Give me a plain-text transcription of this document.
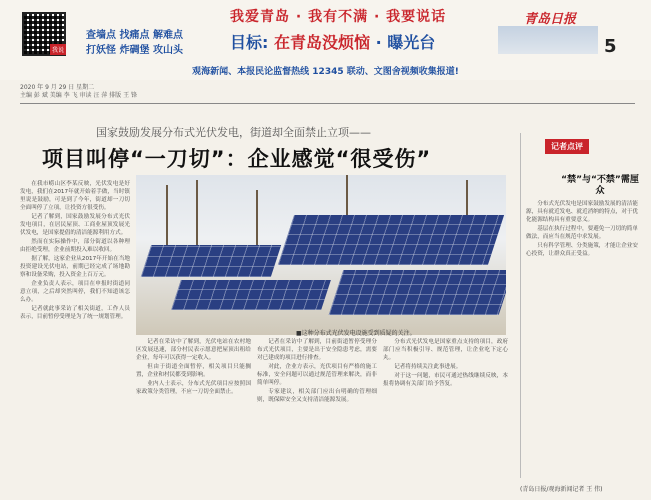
我说
我爱青岛 · 我有不满 · 我要说话
查墙点 找痛点 解难点
打妖怪 炸碉堡 攻山头	目标: 在青岛没烦恼 · 曝光台
青岛日报
5
观海新闻、本报民论监督热线 12345 联动、文图舍视频收集报道!
2020 年 9 月 29 日 星期二
主编 彭 斌 美编 李 飞 审读 汪 萍 排版 王 锋
国家鼓励发展分布式光伏发电，街道却全面禁止立项——
项目叫停“一刀切”：企业感觉“很受伤”

在我市崂山区李某反映，光伏发电是好发电，我们在2017年就开始着手做，当时镇里说是鼓励，可是到了今年，街道却一刀切全面叫停了立项，让投资方很受伤。

记者了解到，国家鼓励发展分布式光伏发电项目，在居民屋顶、工商业屋顶发展光伏发电，是国家提倡的清洁能源利用方式。

然而在实际操作中，部分街道以各种理由拒绝受理，企业前期投入难以收回。

据了解，这家企业从2017年开始在当地投资建设光伏电站，前期已经完成了场地勘察和设备采购，投入资金上百万元。

企业负责人表示，项目在申报时街道同意立项，之后却突然叫停，我们不知道该怎么办。

记者就此事采访了相关街道，工作人员表示，目前暂停受理是为了统一规划管理。

■这种分布式光伏发电设施受到质疑的关注。

记者在采访中了解到，光伏电站在农村地区发展迅速，部分村民表示愿意把屋顶出租给企业，每年可以获得一定收入。

但由于街道全面暂停，相关项目只能搁置，企业和村民都受到影响。

业内人士表示，分布式光伏项目应按照国家政策分类管理，不应一刀切全面禁止。

记者在采访中了解到，目前街道暂停受理分布式光伏项目，主要是出于安全隐患考虑，需要对已建成的项目进行排查。

对此，企业方表示，光伏项目有严格的施工标准，安全问题可以通过规范管理来解决，而非简单叫停。

专家建议，相关部门应出台明确的管理细则，既保障安全又支持清洁能源发展。

分布式光伏发电是国家重点支持的项目，政府部门应当积极引导、规范管理，让企业吃下定心丸。

记者将持续关注此事进展。

对于这一问题，市民可通过热线继续反映，本报将协调有关部门给予答复。

记者点评
“禁”与“不禁”需厘众

分布式光伏发电是国家鼓励发展的清洁能源，具有就近发电、就近消纳的特点，对于优化能源结构具有重要意义。

基层在执行过程中，要避免一刀切的简单做法，而应当在规范中求发展。

只有科学管理、分类施策，才能让企业安心投资，让群众真正受益。

(青岛日报/观海新闻记者 王 伟)
